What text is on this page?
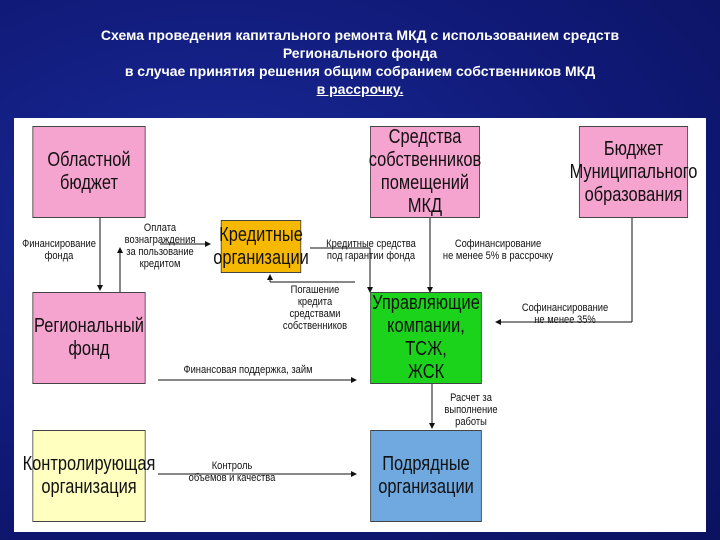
Схема проведения капитального ремонта МКД с использованием средств
Регионального фонда
в случае принятия решения общим собранием собственников МКД
в рассрочку.
Областной
бюджет
Средства
собственников
помещений МКД
Бюджет
Муниципального
образования
Кредитные
организации
Региональный
фонд
Управляющие
компании, ТСЖ,
ЖСК
Контролирующая
организация
Подрядные
организации
Финансирование
фонда
Оплата
вознаграждения
за пользование
кредитом
Кредитные средства
под гарантии фонда
Софинансирование
не менее 5% в рассрочку
Погашение
кредита
средствами
собственников
Софинансирование
не менее 35%
Финансовая поддержка, займ
Расчет за
выполнение
работы
Контроль
объемов и качества
